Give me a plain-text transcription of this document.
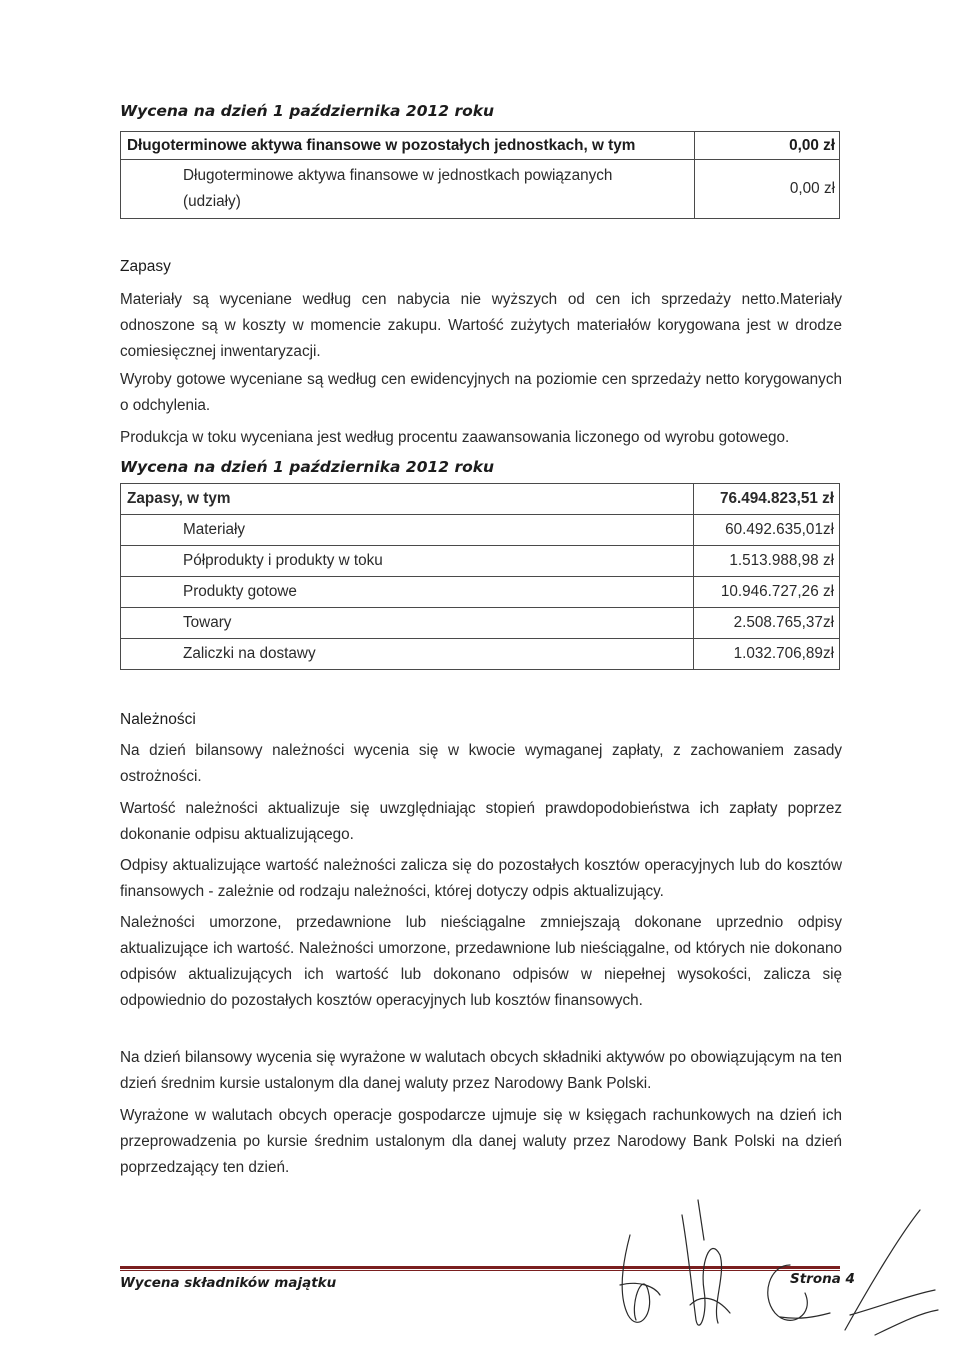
Wycena na dzień 1 października 2012 roku
Długoterminowe aktywa finansowe w pozostałych jednostkach, w tym	0,00 zł

Długoterminowe aktywa finansowe w jednostkach powiązanych
(udziały)	0,00 zł
Zapasy

Materiały są wyceniane według cen nabycia nie wyższych od cen ich sprzedaży netto.Materiały odnoszone są w koszty w momencie zakupu. Wartość zużytych materiałów korygowana jest w drodze comiesięcznej inwentaryzacji.

Wyroby gotowe wyceniane są według cen ewidencyjnych na poziomie cen sprzedaży netto korygowanych o odchylenia.

Produkcja w toku wyceniana jest według procentu zaawansowania liczonego od wyrobu gotowego.

Wycena na dzień 1 października 2012 roku
Zapasy, w tym	76.494.823,51 zł
Materiały	60.492.635,01zł
Półprodukty i produkty w toku	1.513.988,98 zł
Produkty gotowe	10.946.727,26 zł
Towary	2.508.765,37zł
Zaliczki na dostawy	1.032.706,89zł
Należności

Na dzień bilansowy należności wycenia się w kwocie wymaganej zapłaty, z zachowaniem zasady ostrożności.

Wartość należności aktualizuje się uwzględniając stopień prawdopodobieństwa ich zapłaty poprzez dokonanie odpisu aktualizującego.

Odpisy aktualizujące wartość należności zalicza się do pozostałych kosztów operacyjnych lub do kosztów finansowych - zależnie od rodzaju należności, której dotyczy odpis aktualizujący.

Należności umorzone, przedawnione lub nieściągalne zmniejszają dokonane uprzednio odpisy aktualizujące ich wartość. Należności umorzone, przedawnione lub nieściągalne, od których nie dokonano odpisów aktualizujących ich wartość lub dokonano odpisów w niepełnej wysokości, zalicza się odpowiednio do pozostałych kosztów operacyjnych lub kosztów finansowych.

Na dzień bilansowy wycenia się wyrażone w walutach obcych składniki aktywów po obowiązującym na ten dzień średnim kursie ustalonym dla danej waluty przez Narodowy Bank Polski.

Wyrażone w walutach obcych operacje gospodarcze ujmuje się w księgach rachunkowych na dzień ich przeprowadzenia po kursie średnim ustalonym dla danej waluty przez Narodowy Bank Polski na dzień poprzedzający ten dzień.

Wycena składników majątku	Strona 4
